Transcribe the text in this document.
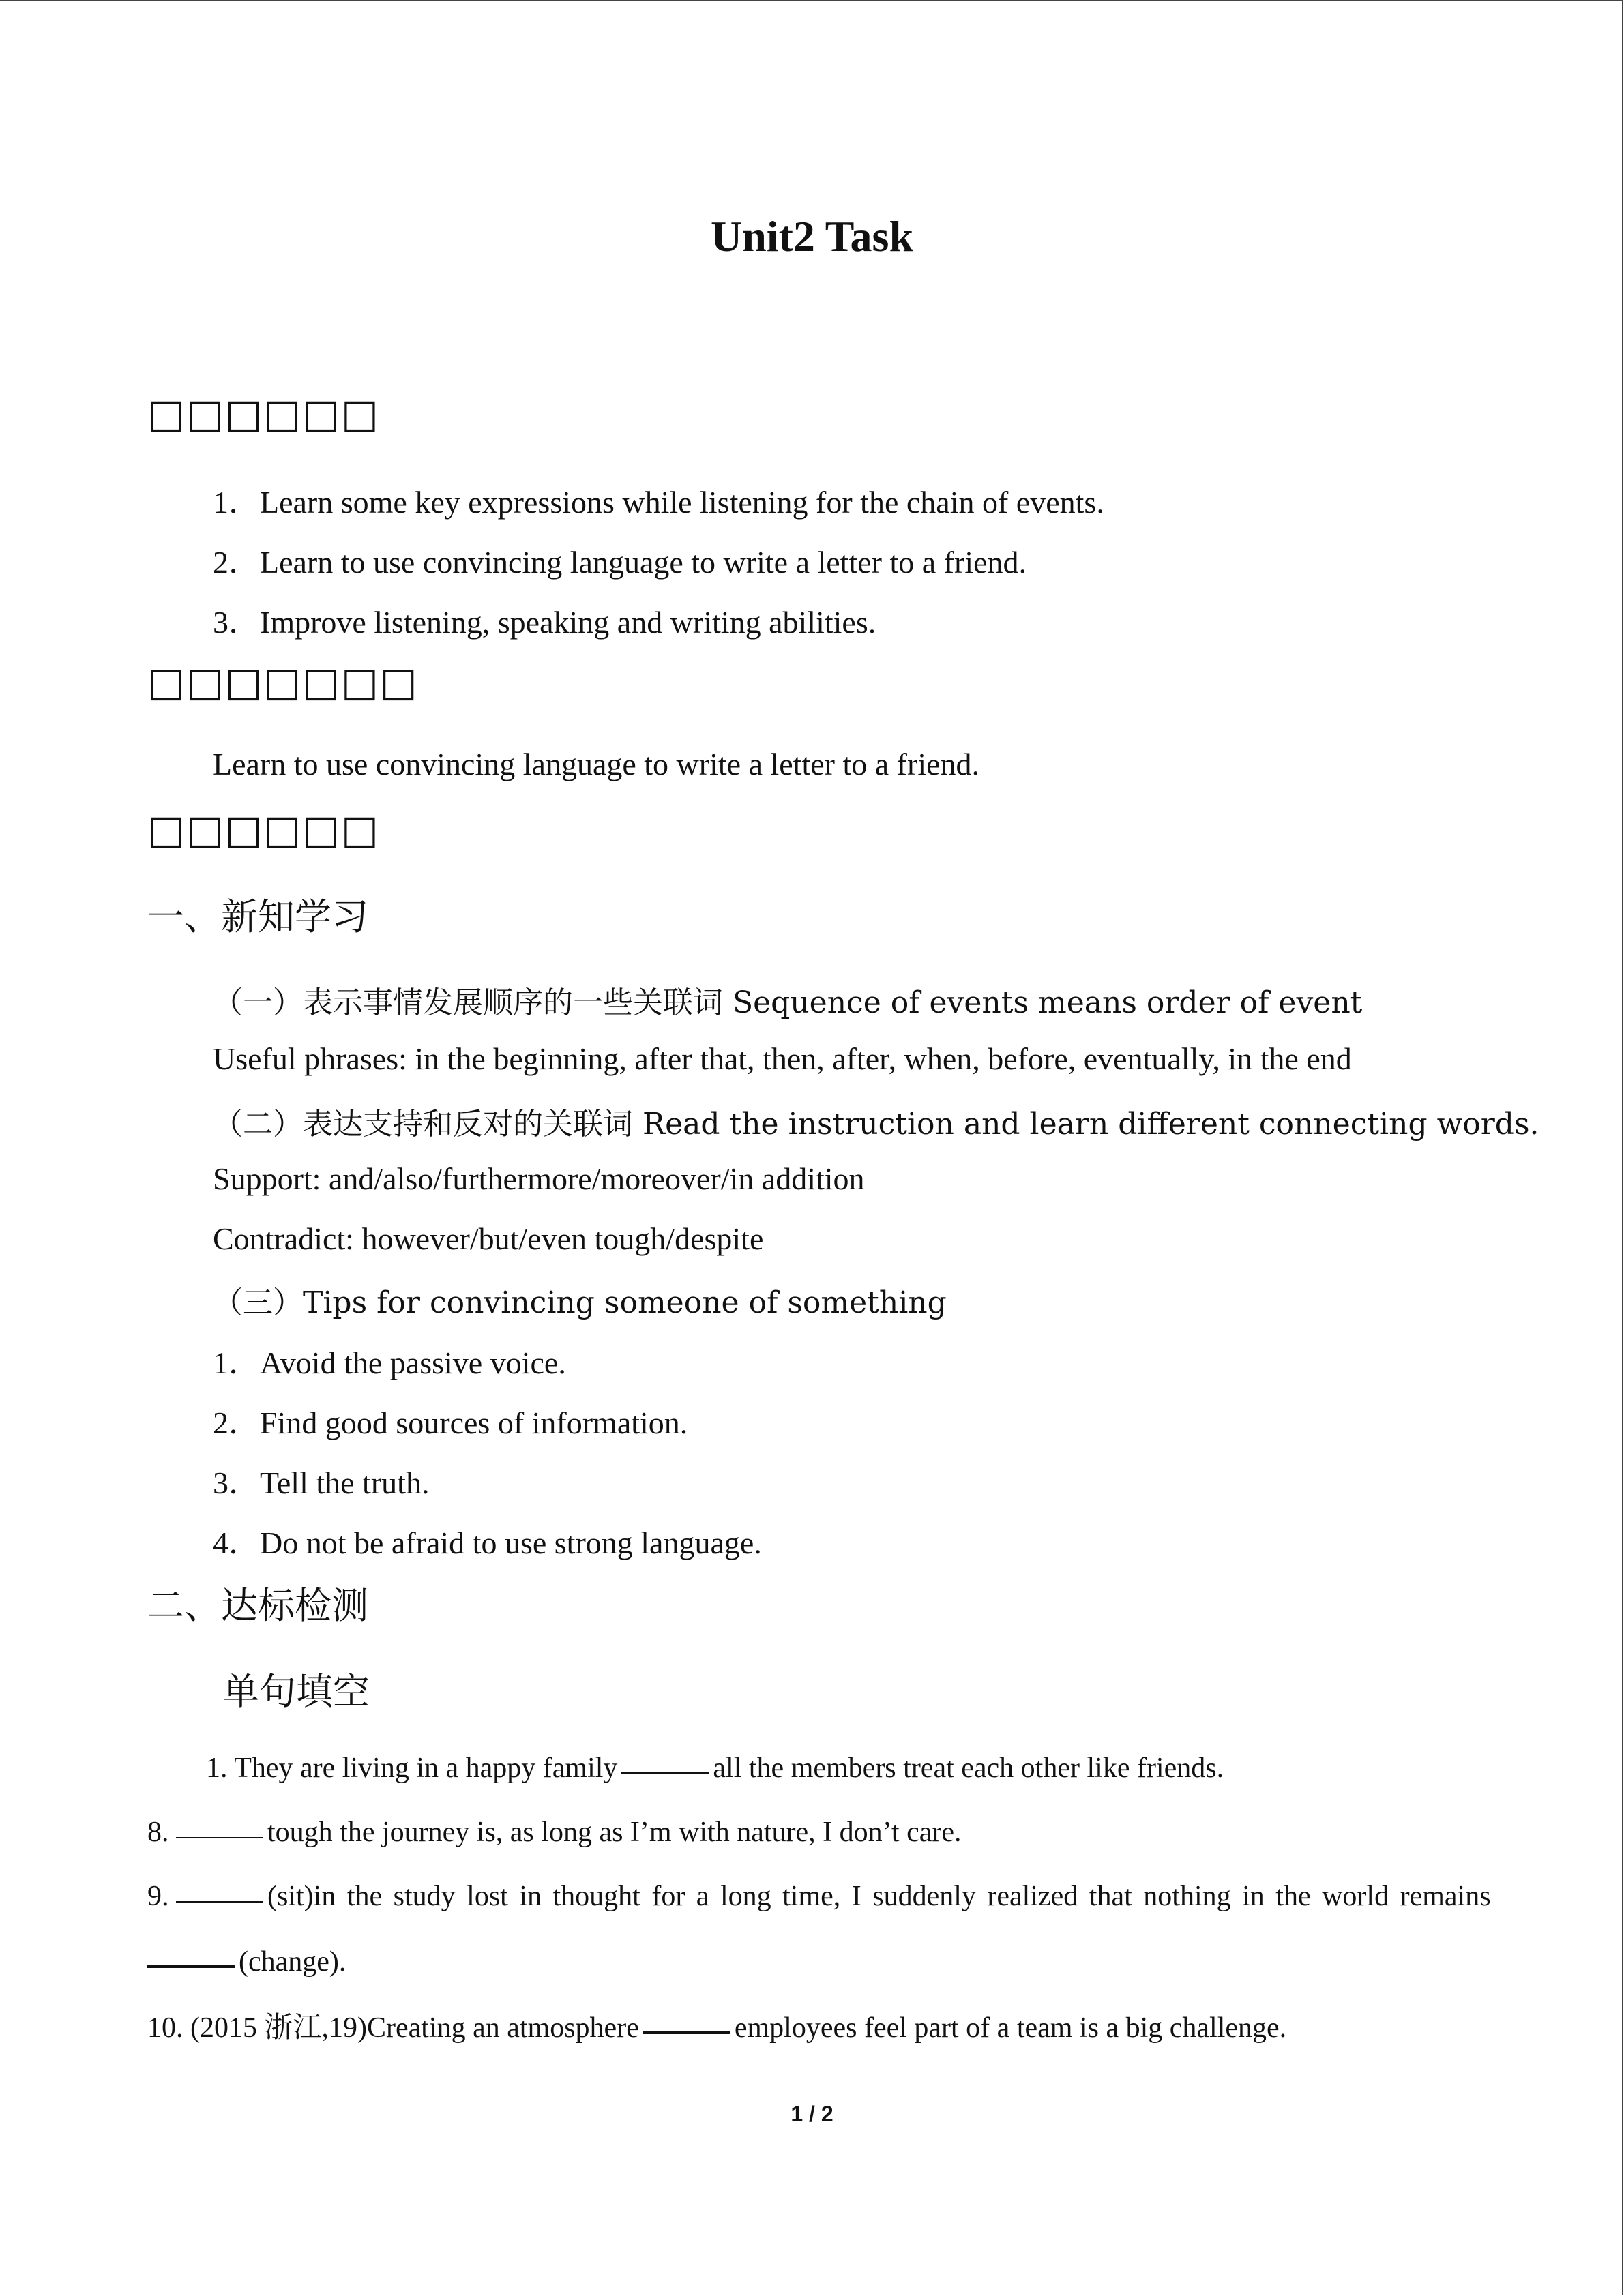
Unit2 Task
□□□□□□
1．Learn some key expressions while listening for the chain of events.
2．Learn to use convincing language to write a letter to a friend.
3．Improve listening, speaking and writing abilities.
□□□□□□□
Learn to use convincing language to write a letter to a friend.
□□□□□□
一、新知学习
（一）表示事情发展顺序的一些关联词 Sequence of events means order of event
Useful phrases: in the beginning, after that, then, after, when, before, eventually, in the end
（二）表达支持和反对的关联词 Read the instruction and learn different connecting words.
Support: and/also/furthermore/moreover/in addition
Contradict: however/but/even tough/despite
（三）Tips for convincing someone of something
1．Avoid the passive voice.
2．Find good sources of information.
3．Tell the truth.
4．Do not be afraid to use strong language.
二、达标检测
单句填空
1. They are living in a happy family	all the members treat each other like friends.
8.	tough the journey is, as long as I’m with nature, I don’t care.
9.	(sit)in the study lost in thought for a long time, I suddenly realized that nothing in the world remains
(change).
10. (2015 浙江,19)Creating an atmosphere	employees feel part of a team is a big challenge.
1 / 2
